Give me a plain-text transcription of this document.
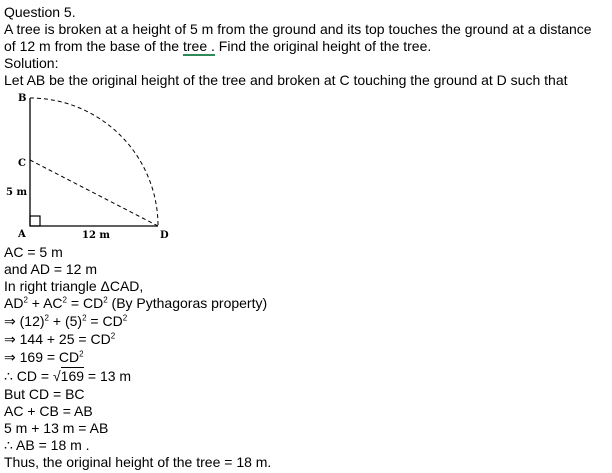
Question 5.
A tree is broken at a height of 5 m from the ground and its top touches the ground at a distance
of 12 m from the base of the tree . Find the original height of the tree.
Solution:
Let AB be the original height of the tree and broken at C touching the ground at D such that
B
C
5 m
A	12 m	D
AC = 5 m
and AD = 12 m
In right triangle ΔCAD,
$AD^2 + AC^2 = CD^2$ (By Pythagoras property)
⇒ $(12)^2 + (5)^2 = CD^2$
⇒ $144 + 25 = CD^2$
⇒ $169 = CD^2$
∴ CD = √169 = 13 m
But CD = BC
AC + CB = AB
5 m + 13 m = AB
∴ AB = 18 m .
Thus, the original height of the tree = 18 m.
